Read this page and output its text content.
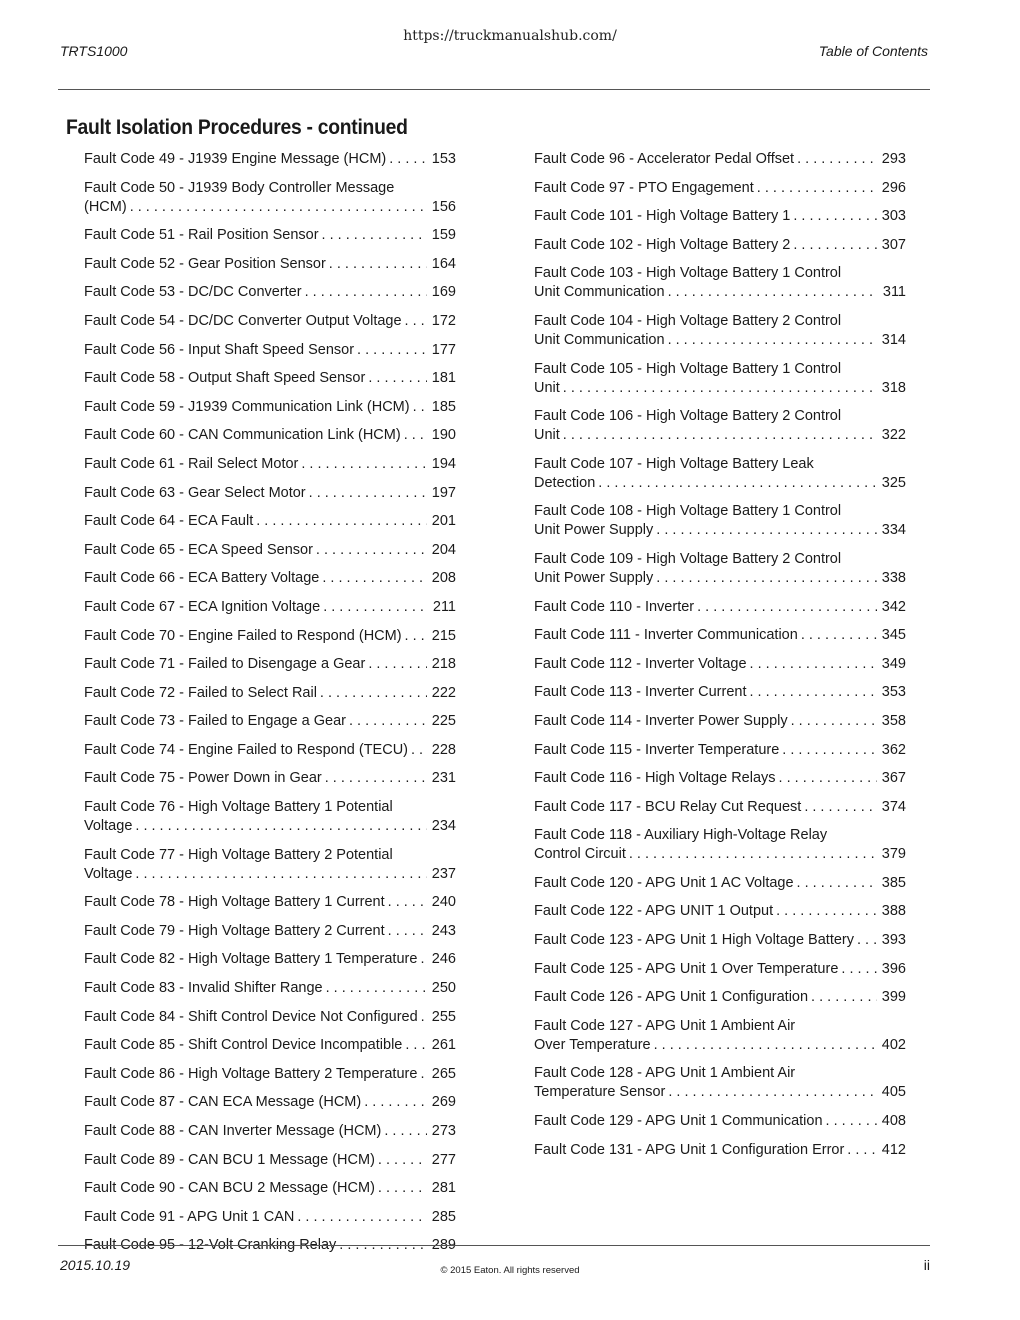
https://truckmanualshub.com/
TRTS1000	Table of Contents
Fault Isolation Procedures - continued
Fault Code 49 - J1939 Engine Message (HCM) . . .	153
Fault Code 50 - J1939 Body Controller Message
(HCM) . . .	156
Fault Code 51 - Rail Position Sensor . . .	159
Fault Code 52 - Gear Position Sensor . . .	164
Fault Code 53 - DC/DC Converter . . .	169
Fault Code 54 - DC/DC Converter Output Voltage . . . 172
Fault Code 56 - Input Shaft Speed Sensor . . .	177
Fault Code 58 - Output Shaft Speed Sensor . . .	181
Fault Code 59 - J1939 Communication Link (HCM) . . . 185
Fault Code 60 - CAN Communication Link (HCM) . . . 190
Fault Code 61 - Rail Select Motor . . .	194
Fault Code 63 - Gear Select Motor . . .	197
Fault Code 64 - ECA Fault . . .	201
Fault Code 65 - ECA Speed Sensor . . .	204
Fault Code 66 - ECA Battery Voltage . . .	208
Fault Code 67 - ECA Ignition Voltage . . .	211
Fault Code 70 - Engine Failed to Respond (HCM) . . . 215
Fault Code 71 - Failed to Disengage a Gear . . .	218
Fault Code 72 - Failed to Select Rail . . .	222
Fault Code 73 - Failed to Engage a Gear . . .	225
Fault Code 74 - Engine Failed to Respond (TECU) . . . 228
Fault Code 75 - Power Down in Gear . . .	231
Fault Code 76 - High Voltage Battery 1 Potential
Voltage . . .	234
Fault Code 77 - High Voltage Battery 2 Potential
Voltage . . .	237
Fault Code 78 - High Voltage Battery 1 Current . . .	240
Fault Code 79 - High Voltage Battery 2 Current . . .	243
Fault Code 82 - High Voltage Battery 1 Temperature . . . 246
Fault Code 83 - Invalid Shifter Range . . .	250
Fault Code 84 - Shift Control Device Not Configured . . . 255
Fault Code 85 - Shift Control Device Incompatible . . . 261
Fault Code 86 - High Voltage Battery 2 Temperature . . . 265
Fault Code 87 - CAN ECA Message (HCM) . . .	269
Fault Code 88 - CAN Inverter Message (HCM) . . .	273
Fault Code 89 - CAN BCU 1 Message (HCM) . . .	277
Fault Code 90 - CAN BCU 2 Message (HCM) . . .	281
Fault Code 91 - APG Unit 1 CAN . . .	285
Fault Code 95 - 12-Volt Cranking Relay . . .	289
Fault Code 96 - Accelerator Pedal Offset . . .	293
Fault Code 97 - PTO Engagement . . .	296
Fault Code 101 - High Voltage Battery 1 . . .	303
Fault Code 102 - High Voltage Battery 2 . . .	307
Fault Code 103 - High Voltage Battery 1 Control
Unit Communication . . .	311
Fault Code 104 - High Voltage Battery 2 Control
Unit Communication . . .	314
Fault Code 105 - High Voltage Battery 1 Control
Unit . . .	318
Fault Code 106 - High Voltage Battery 2 Control
Unit . . .	322
Fault Code 107 - High Voltage Battery Leak
Detection . . .	325
Fault Code 108 - High Voltage Battery 1 Control
Unit Power Supply . . .	334
Fault Code 109 - High Voltage Battery 2 Control
Unit Power Supply . . .	338
Fault Code 110 - Inverter . . .	342
Fault Code 111 - Inverter Communication . . .	345
Fault Code 112 - Inverter Voltage . . .	349
Fault Code 113 - Inverter Current . . .	353
Fault Code 114 - Inverter Power Supply . . .	358
Fault Code 115 - Inverter Temperature . . .	362
Fault Code 116 - High Voltage Relays . . .	367
Fault Code 117 - BCU Relay Cut Request . . .	374
Fault Code 118 - Auxiliary High-Voltage Relay
Control Circuit . . .	379
Fault Code 120 - APG Unit 1 AC Voltage . . .	385
Fault Code 122 - APG UNIT 1 Output . . .	388
Fault Code 123 - APG Unit 1 High Voltage Battery . . . 393
Fault Code 125 - APG Unit 1 Over Temperature . . .	396
Fault Code 126 - APG Unit 1 Configuration . . .	399
Fault Code 127 - APG Unit 1 Ambient Air
Over Temperature . . .	402
Fault Code 128 - APG Unit 1 Ambient Air
Temperature Sensor . . .	405
Fault Code 129 - APG Unit 1 Communication . . .	408
Fault Code 131 - APG Unit 1 Configuration Error . . .	412
2015.10.19	© 2015 Eaton. All rights reserved	ii
